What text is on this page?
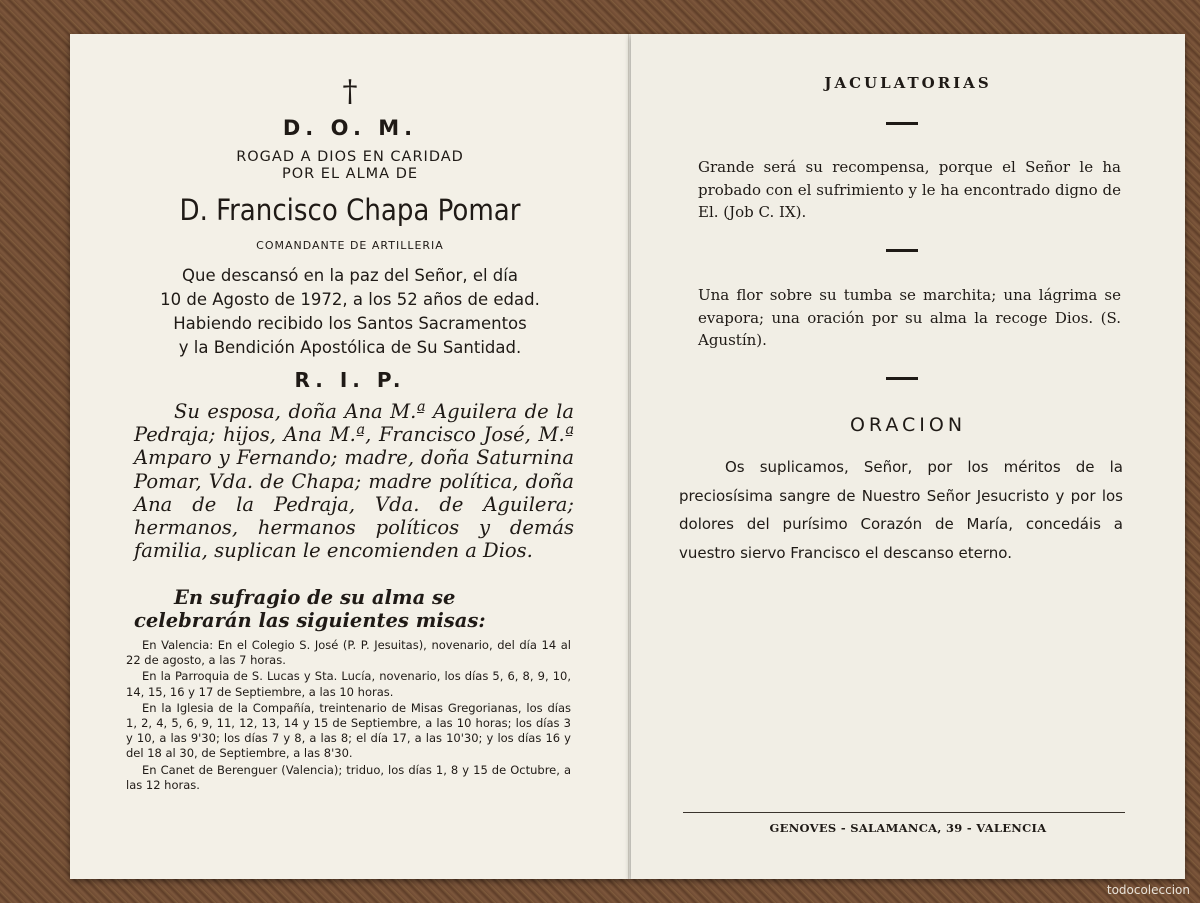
†
D. O. M.
ROGAD A DIOS EN CARIDAD
POR EL ALMA DE
D. Francisco Chapa Pomar
COMANDANTE DE ARTILLERIA
Que descansó en la paz del Señor, el día
10 de Agosto de 1972, a los 52 años de edad.
Habiendo recibido los Santos Sacramentos
y la Bendición Apostólica de Su Santidad.
R. I. P.
Su esposa, doña Ana M.ª Aguilera de la Pedraja; hijos, Ana M.ª, Francisco José, M.ª Amparo y Fernando; madre, doña Saturnina Pomar, Vda. de Chapa; madre política, doña Ana de la Pedraja, Vda. de Aguilera; hermanos, hermanos políticos y demás familia, suplican le encomienden a Dios.
En sufragio de su alma se celebrarán las siguientes misas:

En Valencia: En el Colegio S. José (P. P. Jesuitas), novenario, del día 14 al 22 de agosto, a las 7 horas.

En la Parroquia de S. Lucas y Sta. Lucía, novenario, los días 5, 6, 8, 9, 10, 14, 15, 16 y 17 de Septiembre, a las 10 horas.

En la Iglesia de la Compañía, treintenario de Misas Gregorianas, los días 1, 2, 4, 5, 6, 9, 11, 12, 13, 14 y 15 de Septiembre, a las 10 horas; los días 3 y 10, a las 9'30; los días 7 y 8, a las 8; el día 17, a las 10'30; y los días 16 y del 18 al 30, de Septiembre, a las 8'30.

En Canet de Berenguer (Valencia); triduo, los días 1, 8 y 15 de Octubre, a las 12 horas.

JACULATORIAS
Grande será su recompensa, porque el Señor le ha probado con el sufrimiento y le ha encontrado digno de El. (Job C. IX).
Una flor sobre su tumba se marchita; una lágrima se evapora; una oración por su alma la recoge Dios. (S. Agustín).
ORACION
Os suplicamos, Señor, por los méritos de la preciosísima sangre de Nuestro Señor Jesucristo y por los dolores del purísimo Corazón de María, concedáis a vuestro siervo Francisco el descanso eterno.
GENOVES - SALAMANCA, 39 - VALENCIA
todocoleccion
